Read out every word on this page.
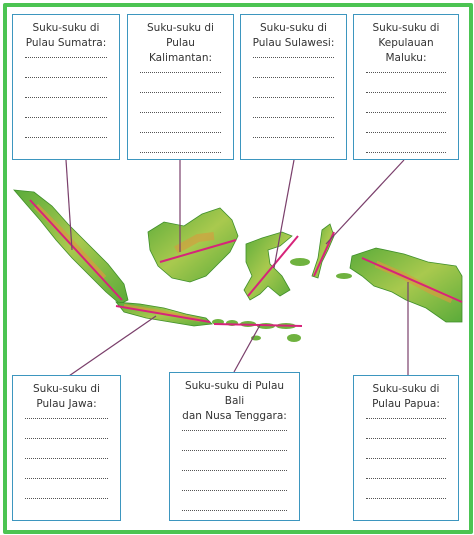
Suku-suku di
Pulau Sumatra:
Suku-suku di
Pulau Kalimantan:
Suku-suku di
Pulau Sulawesi:
Suku-suku di
Kepulauan Maluku:
Suku-suku di
Pulau Jawa:
Suku-suku di Pulau Bali
dan Nusa Tenggara:
Suku-suku di
Pulau Papua:
